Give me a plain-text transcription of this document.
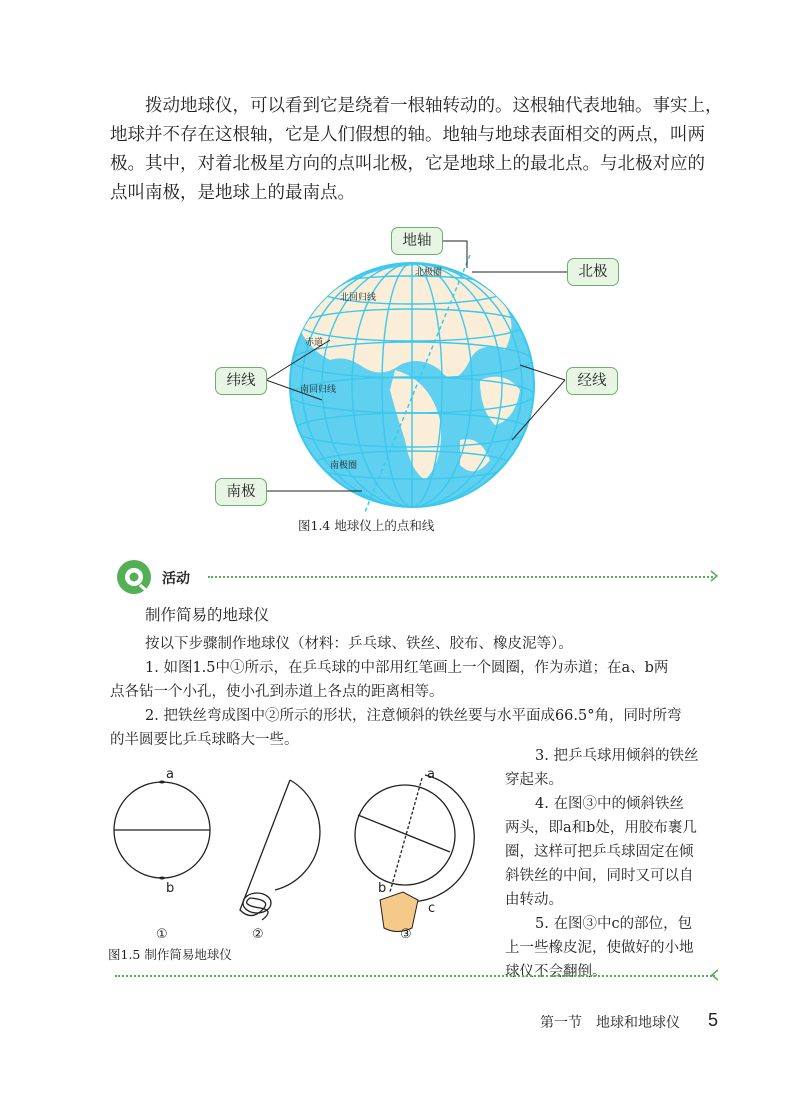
拨动地球仪，可以看到它是绕着一根轴转动的。这根轴代表地轴。事实上，
地球并不存在这根轴，它是人们假想的轴。地轴与地球表面相交的两点，叫两
极。其中，对着北极星方向的点叫北极，它是地球上的最北点。与北极对应的
点叫南极，是地球上的最南点。
北极圈
北回归线
赤道
南回归线
南极圈
地轴
北极
纬线	经线
南极
图1.4 地球仪上的点和线
活动
制作简易的地球仪
按以下步骤制作地球仪（材料：乒乓球、铁丝、胶布、橡皮泥等）。
1. 如图1.5中①所示，在乒乓球的中部用红笔画上一个圆圈，作为赤道；在a、b两
点各钻一个小孔，使小孔到赤道上各点的距离相等。
2. 把铁丝弯成图中②所示的形状，注意倾斜的铁丝要与水平面成66.5°角，同时所弯
的半圆要比乒乓球略大一些。
3. 把乒乓球用倾斜的铁丝
穿起来。
4. 在图③中的倾斜铁丝
两头，即a和b处，用胶布裹几
圈，这样可把乒乓球固定在倾
斜铁丝的中间，同时又可以自
由转动。
5. 在图③中c的部位，包
上一些橡皮泥，使做好的小地
球仪不会翻倒。
a
b
a
b
c
①	②	③
图1.5 制作简易地球仪
第一节　地球和地球仪 5
